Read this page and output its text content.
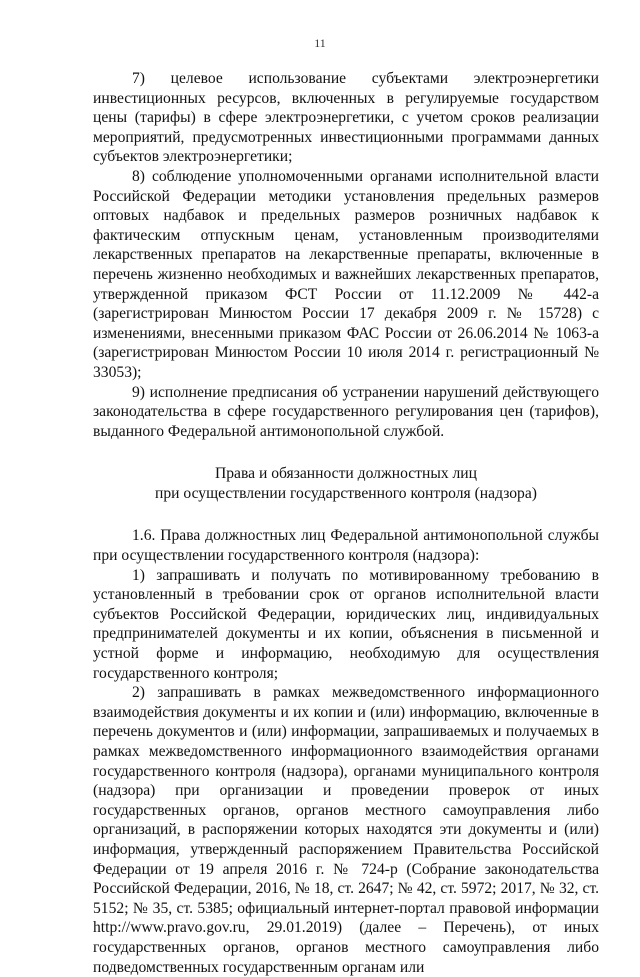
11

7) целевое использование субъектами электроэнергетики инвестиционных ресурсов, включенных в регулируемые государством цены (тарифы) в сфере электроэнергетики, с учетом сроков реализации мероприятий, предусмотренных инвестиционными программами данных субъектов электроэнергетики;

8) соблюдение уполномоченными органами исполнительной власти Российской Федерации методики установления предельных размеров оптовых надбавок и предельных размеров розничных надбавок к фактическим отпускным ценам, установленным производителями лекарственных препаратов на лекарственные препараты, включенные в перечень жизненно необходимых и важнейших лекарственных препаратов, утвержденной приказом ФСТ России от 11.12.2009 № 442-а (зарегистрирован Минюстом России 17 декабря 2009 г. № 15728) с изменениями, внесенными приказом ФАС России от 26.06.2014 № 1063-а (зарегистрирован Минюстом России 10 июля 2014 г. регистрационный № 33053);

9) исполнение предписания об устранении нарушений действующего законодательства в сфере государственного регулирования цен (тарифов), выданного Федеральной антимонопольной службой.

Права и обязанности должностных лиц
при осуществлении государственного контроля (надзора)

1.6. Права должностных лиц Федеральной антимонопольной службы при осуществлении государственного контроля (надзора):

1) запрашивать и получать по мотивированному требованию в установленный в требовании срок от органов исполнительной власти субъектов Российской Федерации, юридических лиц, индивидуальных предпринимателей документы и их копии, объяснения в письменной и устной форме и информацию, необходимую для осуществления государственного контроля;

2) запрашивать в рамках межведомственного информационного взаимодействия документы и их копии и (или) информацию, включенные в перечень документов и (или) информации, запрашиваемых и получаемых в рамках межведомственного информационного взаимодействия органами государственного контроля (надзора), органами муниципального контроля (надзора) при организации и проведении проверок от иных государственных органов, органов местного самоуправления либо организаций, в распоряжении которых находятся эти документы и (или) информация, утвержденный распоряжением Правительства Российской Федерации от 19 апреля 2016 г. № 724-р (Собрание законодательства Российской Федерации, 2016, № 18, ст. 2647; № 42, ст. 5972; 2017, № 32, ст. 5152; № 35, ст. 5385; официальный интернет-портал правовой информации http://www.pravo.gov.ru, 29.01.2019) (далее – Перечень), от иных государственных органов, органов местного самоуправления либо подведомственных государственным органам или
